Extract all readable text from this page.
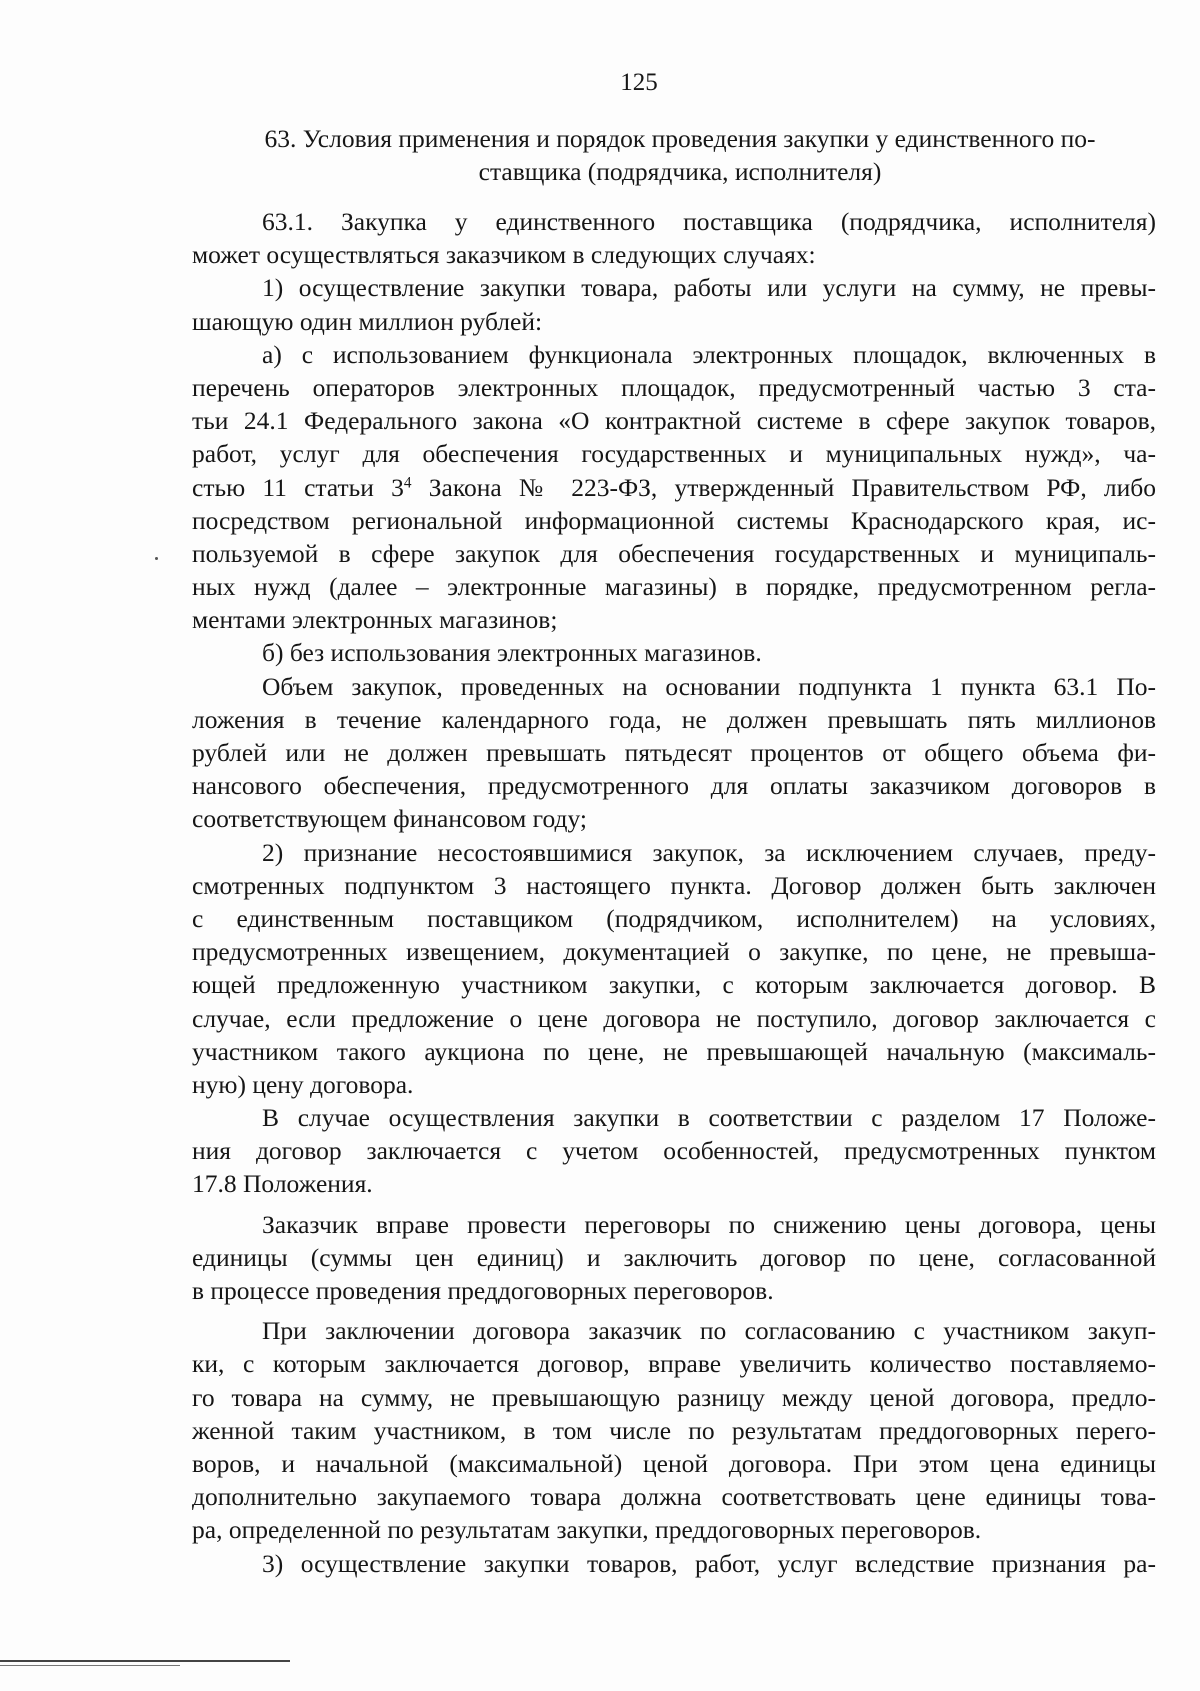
125
63. Условия применения и порядок проведения закупки у единственного по-
ставщика (подрядчика, исполнителя)
63.1. Закупка у единственного поставщика (подрядчика, исполнителя)
может осуществляться заказчиком в следующих случаях:
1) осуществление закупки товара, работы или услуги на сумму, не превы-
шающую один миллион рублей:
а) с использованием функционала электронных площадок, включенных в
перечень операторов электронных площадок, предусмотренный частью 3 ста-
тьи 24.1 Федерального закона «О контрактной системе в сфере закупок товаров,
работ, услуг для обеспечения государственных и муниципальных нужд», ча-
стью 11 статьи $3^4$ Закона № 223-ФЗ, утвержденный Правительством РФ, либо
посредством региональной информационной системы Краснодарского края, ис-
пользуемой в сфере закупок для обеспечения государственных и муниципаль-
ных нужд (далее – электронные магазины) в порядке, предусмотренном регла-
ментами электронных магазинов;
б) без использования электронных магазинов.
Объем закупок, проведенных на основании подпункта 1 пункта 63.1 По-
ложения в течение календарного года, не должен превышать пять миллионов
рублей или не должен превышать пятьдесят процентов от общего объема фи-
нансового обеспечения, предусмотренного для оплаты заказчиком договоров в
соответствующем финансовом году;
2) признание несостоявшимися закупок, за исключением случаев, преду-
смотренных подпунктом 3 настоящего пункта. Договор должен быть заключен
с единственным поставщиком (подрядчиком, исполнителем) на условиях,
предусмотренных извещением, документацией о закупке, по цене, не превыша-
ющей предложенную участником закупки, с которым заключается договор. В
случае, если предложение о цене договора не поступило, договор заключается с
участником такого аукциона по цене, не превышающей начальную (максималь-
ную) цену договора.
В случае осуществления закупки в соответствии с разделом 17 Положе-
ния договор заключается с учетом особенностей, предусмотренных пунктом
17.8 Положения.
Заказчик вправе провести переговоры по снижению цены договора, цены
единицы (суммы цен единиц) и заключить договор по цене, согласованной
в процессе проведения преддоговорных переговоров.
При заключении договора заказчик по согласованию с участником закуп-
ки, с которым заключается договор, вправе увеличить количество поставляемо-
го товара на сумму, не превышающую разницу между ценой договора, предло-
женной таким участником, в том числе по результатам преддоговорных перего-
воров, и начальной (максимальной) ценой договора. При этом цена единицы
дополнительно закупаемого товара должна соответствовать цене единицы това-
ра, определенной по результатам закупки, преддоговорных переговоров.
3) осуществление закупки товаров, работ, услуг вследствие признания ра-
